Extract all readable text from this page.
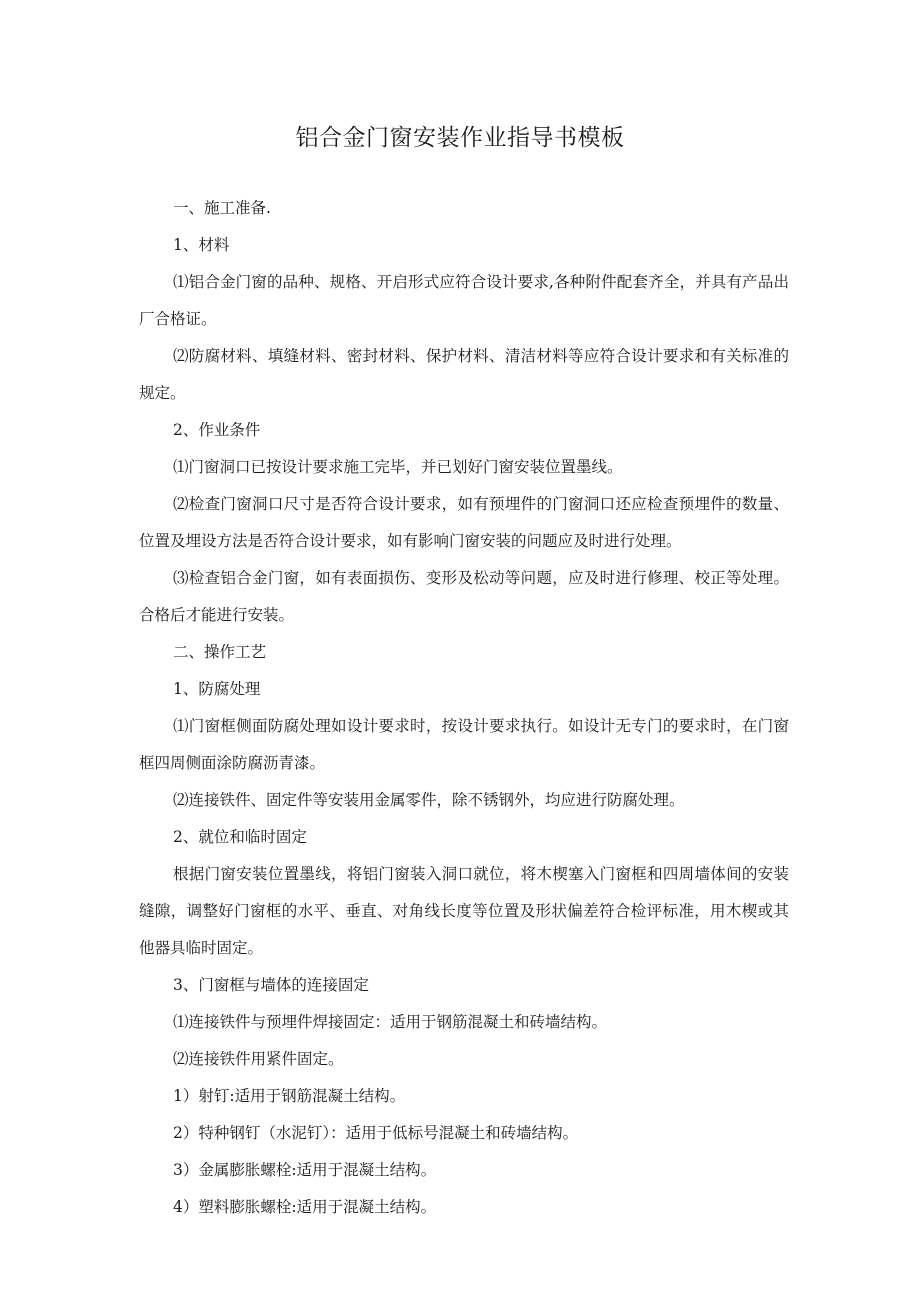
铝合金门窗安装作业指导书模板

一、施工准备.

1、材料

⑴铝合金门窗的品种、规格、开启形式应符合设计要求,各种附件配套齐全，并具有产品出厂合格证。

⑵防腐材料、填缝材料、密封材料、保护材料、清洁材料等应符合设计要求和有关标准的规定。

2、作业条件

⑴门窗洞口已按设计要求施工完毕，并已划好门窗安装位置墨线。

⑵检查门窗洞口尺寸是否符合设计要求，如有预埋件的门窗洞口还应检查预埋件的数量、位置及埋设方法是否符合设计要求，如有影响门窗安装的问题应及时进行处理。

⑶检查铝合金门窗，如有表面损伤、变形及松动等问题，应及时进行修理、校正等处理。合格后才能进行安装。

二、操作工艺

1、防腐处理

⑴门窗框侧面防腐处理如设计要求时，按设计要求执行。如设计无专门的要求时，在门窗框四周侧面涂防腐沥青漆。

⑵连接铁件、固定件等安装用金属零件，除不锈钢外，均应进行防腐处理。

2、就位和临时固定

根据门窗安装位置墨线，将铝门窗装入洞口就位，将木楔塞入门窗框和四周墙体间的安装缝隙，调整好门窗框的水平、垂直、对角线长度等位置及形状偏差符合检评标准，用木楔或其他器具临时固定。

3、门窗框与墙体的连接固定

⑴连接铁件与预埋件焊接固定：适用于钢筋混凝土和砖墙结构。

⑵连接铁件用紧件固定。

1）射钉:适用于钢筋混凝土结构。

2）特种钢钉（水泥钉）：适用于低标号混凝土和砖墙结构。

3）金属膨胀螺栓:适用于混凝土结构。

4）塑料膨胀螺栓:适用于混凝土结构。
